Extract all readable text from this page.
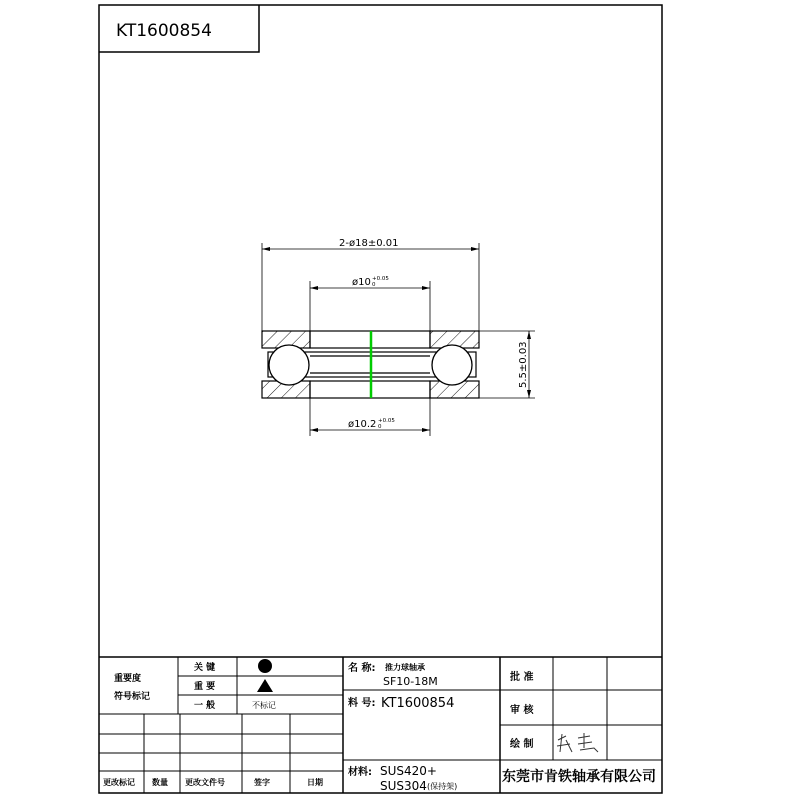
KT1600854
2-ø18±0.01
ø10 +0.05
0
ø10.2 +0.05
0
5.5±0.03
重要度
符号标记
关 键
重 要
一 般	不标记
更改标记 数量 更改文件号	签字	日期
名 称: 推力球轴承
SF10-18M
料 号: KT1600854
材料: SUS420+
SUS304 (保持架)
批 准
审 核
绘 制
东莞市肯铁轴承有限公司
